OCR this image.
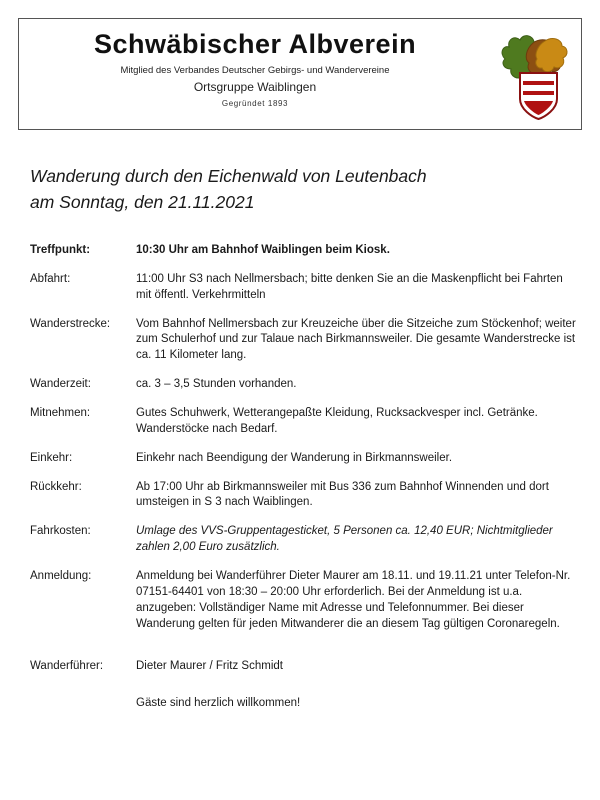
Schwäbischer Albverein
Mitglied des Verbandes Deutscher Gebirgs- und Wandervereine
Ortsgruppe Waiblingen
Gegründet 1893
Wanderung durch den Eichenwald von Leutenbach
am Sonntag, den 21.11.2021
Treffpunkt:	10:30 Uhr am Bahnhof Waiblingen beim Kiosk.
Abfahrt:	11:00 Uhr S3 nach Nellmersbach; bitte denken Sie an die Maskenpflicht bei Fahrten mit öffentl. Verkehrmitteln
Wanderstrecke:	Vom Bahnhof Nellmersbach zur Kreuzeiche über die Sitzeiche zum Stöckenhof; weiter zum Schulerhof und zur Talaue nach Birkmannsweiler. Die gesamte Wanderstrecke ist ca. 11 Kilometer lang.
Wanderzeit:	ca. 3 – 3,5 Stunden vorhanden.
Mitnehmen:	Gutes Schuhwerk, Wetterangepaßte Kleidung, Rucksackvesper incl. Getränke. Wanderstöcke nach Bedarf.
Einkehr:	Einkehr nach Beendigung der Wanderung in Birkmannsweiler.
Rückkehr:	Ab 17:00 Uhr ab Birkmannsweiler mit Bus 336 zum Bahnhof Winnenden und dort umsteigen in S 3 nach Waiblingen.
Fahrkosten:	Umlage des VVS-Gruppentagesticket, 5 Personen ca. 12,40 EUR; Nichtmitglieder zahlen 2,00 Euro zusätzlich.
Anmeldung:	Anmeldung bei Wanderführer Dieter Maurer am 18.11. und 19.11.21 unter Telefon-Nr. 07151-64401 von 18:30 – 20:00 Uhr erforderlich. Bei der Anmeldung ist u.a. anzugeben: Vollständiger Name mit Adresse und Telefonnummer. Bei dieser Wanderung gelten für jeden Mitwanderer die an diesem Tag gültigen Coronaregeln.
Wanderführer:	Dieter Maurer / Fritz Schmidt
Gäste sind herzlich willkommen!
